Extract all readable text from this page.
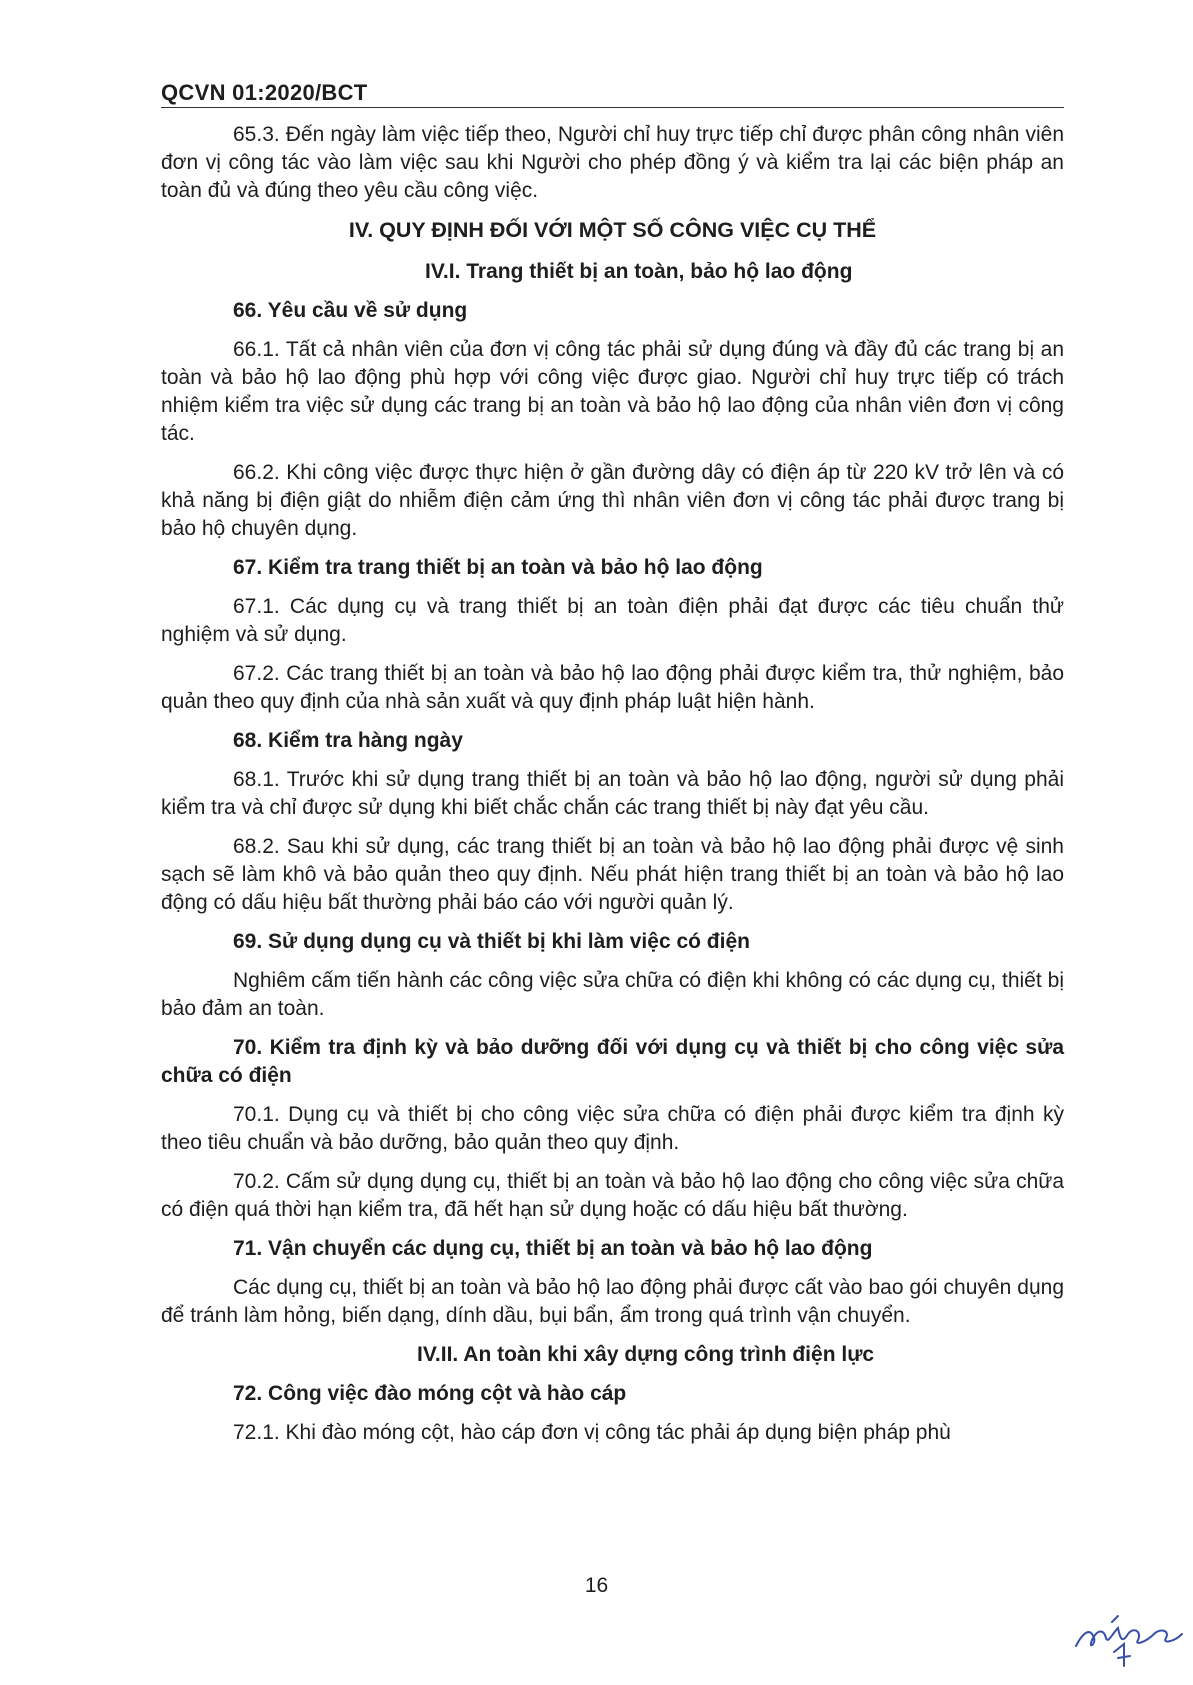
QCVN 01:2020/BCT

65.3. Đến ngày làm việc tiếp theo, Người chỉ huy trực tiếp chỉ được phân công nhân viên đơn vị công tác vào làm việc sau khi Người cho phép đồng ý và kiểm tra lại các biện pháp an toàn đủ và đúng theo yêu cầu công việc.

IV. QUY ĐỊNH ĐỐI VỚI MỘT SỐ CÔNG VIỆC CỤ THỂ

IV.I. Trang thiết bị an toàn, bảo hộ lao động

66. Yêu cầu về sử dụng

66.1. Tất cả nhân viên của đơn vị công tác phải sử dụng đúng và đầy đủ các trang bị an toàn và bảo hộ lao động phù hợp với công việc được giao. Người chỉ huy trực tiếp có trách nhiệm kiểm tra việc sử dụng các trang bị an toàn và bảo hộ lao động của nhân viên đơn vị công tác.

66.2. Khi công việc được thực hiện ở gần đường dây có điện áp từ 220 kV trở lên và có khả năng bị điện giật do nhiễm điện cảm ứng thì nhân viên đơn vị công tác phải được trang bị bảo hộ chuyên dụng.

67. Kiểm tra trang thiết bị an toàn và bảo hộ lao động

67.1. Các dụng cụ và trang thiết bị an toàn điện phải đạt được các tiêu chuẩn thử nghiệm và sử dụng.

67.2. Các trang thiết bị an toàn và bảo hộ lao động phải được kiểm tra, thử nghiệm, bảo quản theo quy định của nhà sản xuất và quy định pháp luật hiện hành.

68. Kiểm tra hàng ngày

68.1. Trước khi sử dụng trang thiết bị an toàn và bảo hộ lao động, người sử dụng phải kiểm tra và chỉ được sử dụng khi biết chắc chắn các trang thiết bị này đạt yêu cầu.

68.2. Sau khi sử dụng, các trang thiết bị an toàn và bảo hộ lao động phải được vệ sinh sạch sẽ làm khô và bảo quản theo quy định. Nếu phát hiện trang thiết bị an toàn và bảo hộ lao động có dấu hiệu bất thường phải báo cáo với người quản lý.

69. Sử dụng dụng cụ và thiết bị khi làm việc có điện

Nghiêm cấm tiến hành các công việc sửa chữa có điện khi không có các dụng cụ, thiết bị bảo đảm an toàn.

70. Kiểm tra định kỳ và bảo dưỡng đối với dụng cụ và thiết bị cho công việc sửa chữa có điện

70.1. Dụng cụ và thiết bị cho công việc sửa chữa có điện phải được kiểm tra định kỳ theo tiêu chuẩn và bảo dưỡng, bảo quản theo quy định.

70.2. Cấm sử dụng dụng cụ, thiết bị an toàn và bảo hộ lao động cho công việc sửa chữa có điện quá thời hạn kiểm tra, đã hết hạn sử dụng hoặc có dấu hiệu bất thường.

71. Vận chuyển các dụng cụ, thiết bị an toàn và bảo hộ lao động

Các dụng cụ, thiết bị an toàn và bảo hộ lao động phải được cất vào bao gói chuyên dụng để tránh làm hỏng, biến dạng, dính dầu, bụi bẩn, ẩm trong quá trình vận chuyển.

IV.II. An toàn khi xây dựng công trình điện lực

72. Công việc đào móng cột và hào cáp

72.1. Khi đào móng cột, hào cáp đơn vị công tác phải áp dụng biện pháp phù

16
